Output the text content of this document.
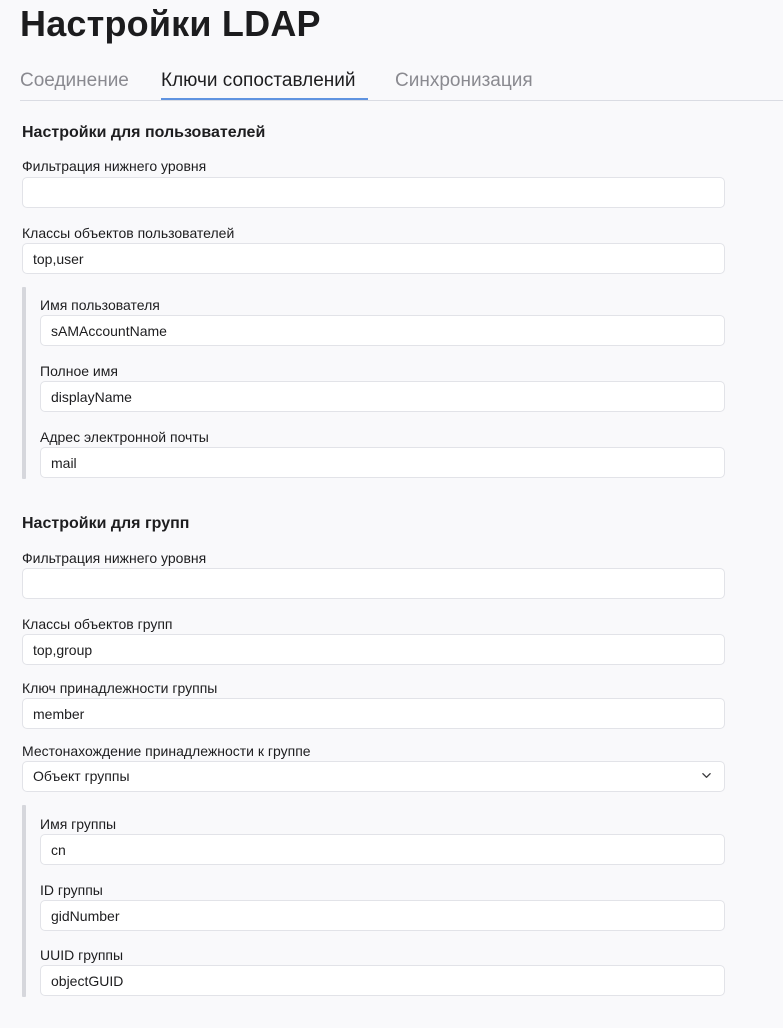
Настройки LDAP
Соединение Ключи сопоставлений Синхронизация
Настройки для пользователей
Фильтрация нижнего уровня
Классы объектов пользователей
top,user
Имя пользователя
sAMAccountName
Полное имя
displayName
Адрес электронной почты
mail
Настройки для групп
Фильтрация нижнего уровня
Классы объектов групп
top,group
Ключ принадлежности группы
member
Местонахождение принадлежности к группе
Объект группы
Имя группы
cn
ID группы
gidNumber
UUID группы
objectGUID
